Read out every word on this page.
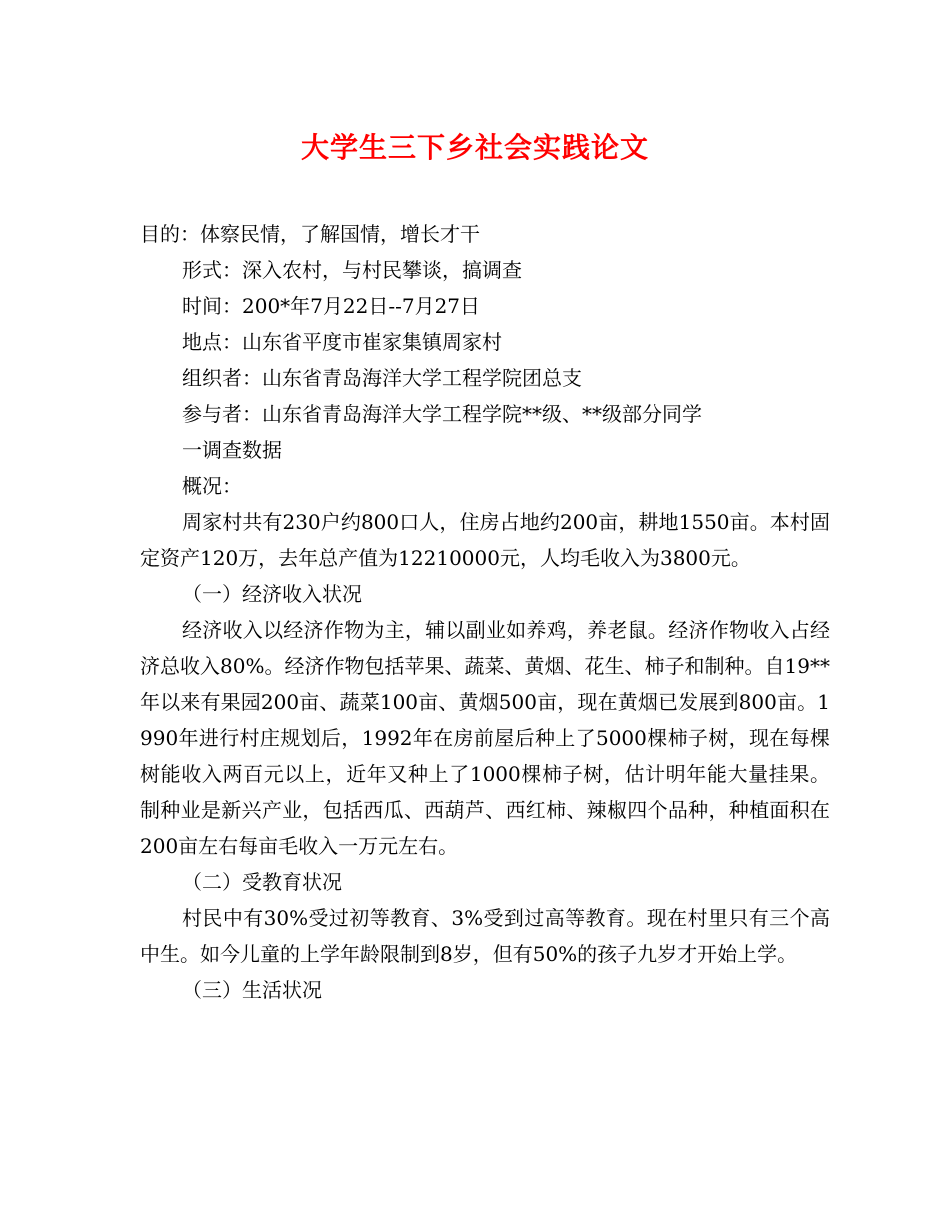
大学生三下乡社会实践论文

目的：体察民情，了解国情，增长才干

形式：深入农村，与村民攀谈，搞调查

时间：200*年7月22日--7月27日

地点：山东省平度市崔家集镇周家村

组织者：山东省青岛海洋大学工程学院团总支

参与者：山东省青岛海洋大学工程学院**级、**级部分同学

一调查数据

概况：

周家村共有230户约800口人，住房占地约200亩，耕地1550亩。本村固定资产120万，去年总产值为12210000元，人均毛收入为3800元。

（一）经济收入状况

经济收入以经济作物为主，辅以副业如养鸡，养老鼠。经济作物收入占经济总收入80%。经济作物包括苹果、蔬菜、黄烟、花生、柿子和制种。自19**年以来有果园200亩、蔬菜100亩、黄烟500亩，现在黄烟已发展到800亩。1990年进行村庄规划后，1992年在房前屋后种上了5000棵柿子树，现在每棵树能收入两百元以上，近年又种上了1000棵柿子树，估计明年能大量挂果。制种业是新兴产业，包括西瓜、西葫芦、西红柿、辣椒四个品种，种植面积在200亩左右每亩毛收入一万元左右。

（二）受教育状况

村民中有30%受过初等教育、3%受到过高等教育。现在村里只有三个高中生。如今儿童的上学年龄限制到8岁，但有50%的孩子九岁才开始上学。

（三）生活状况
